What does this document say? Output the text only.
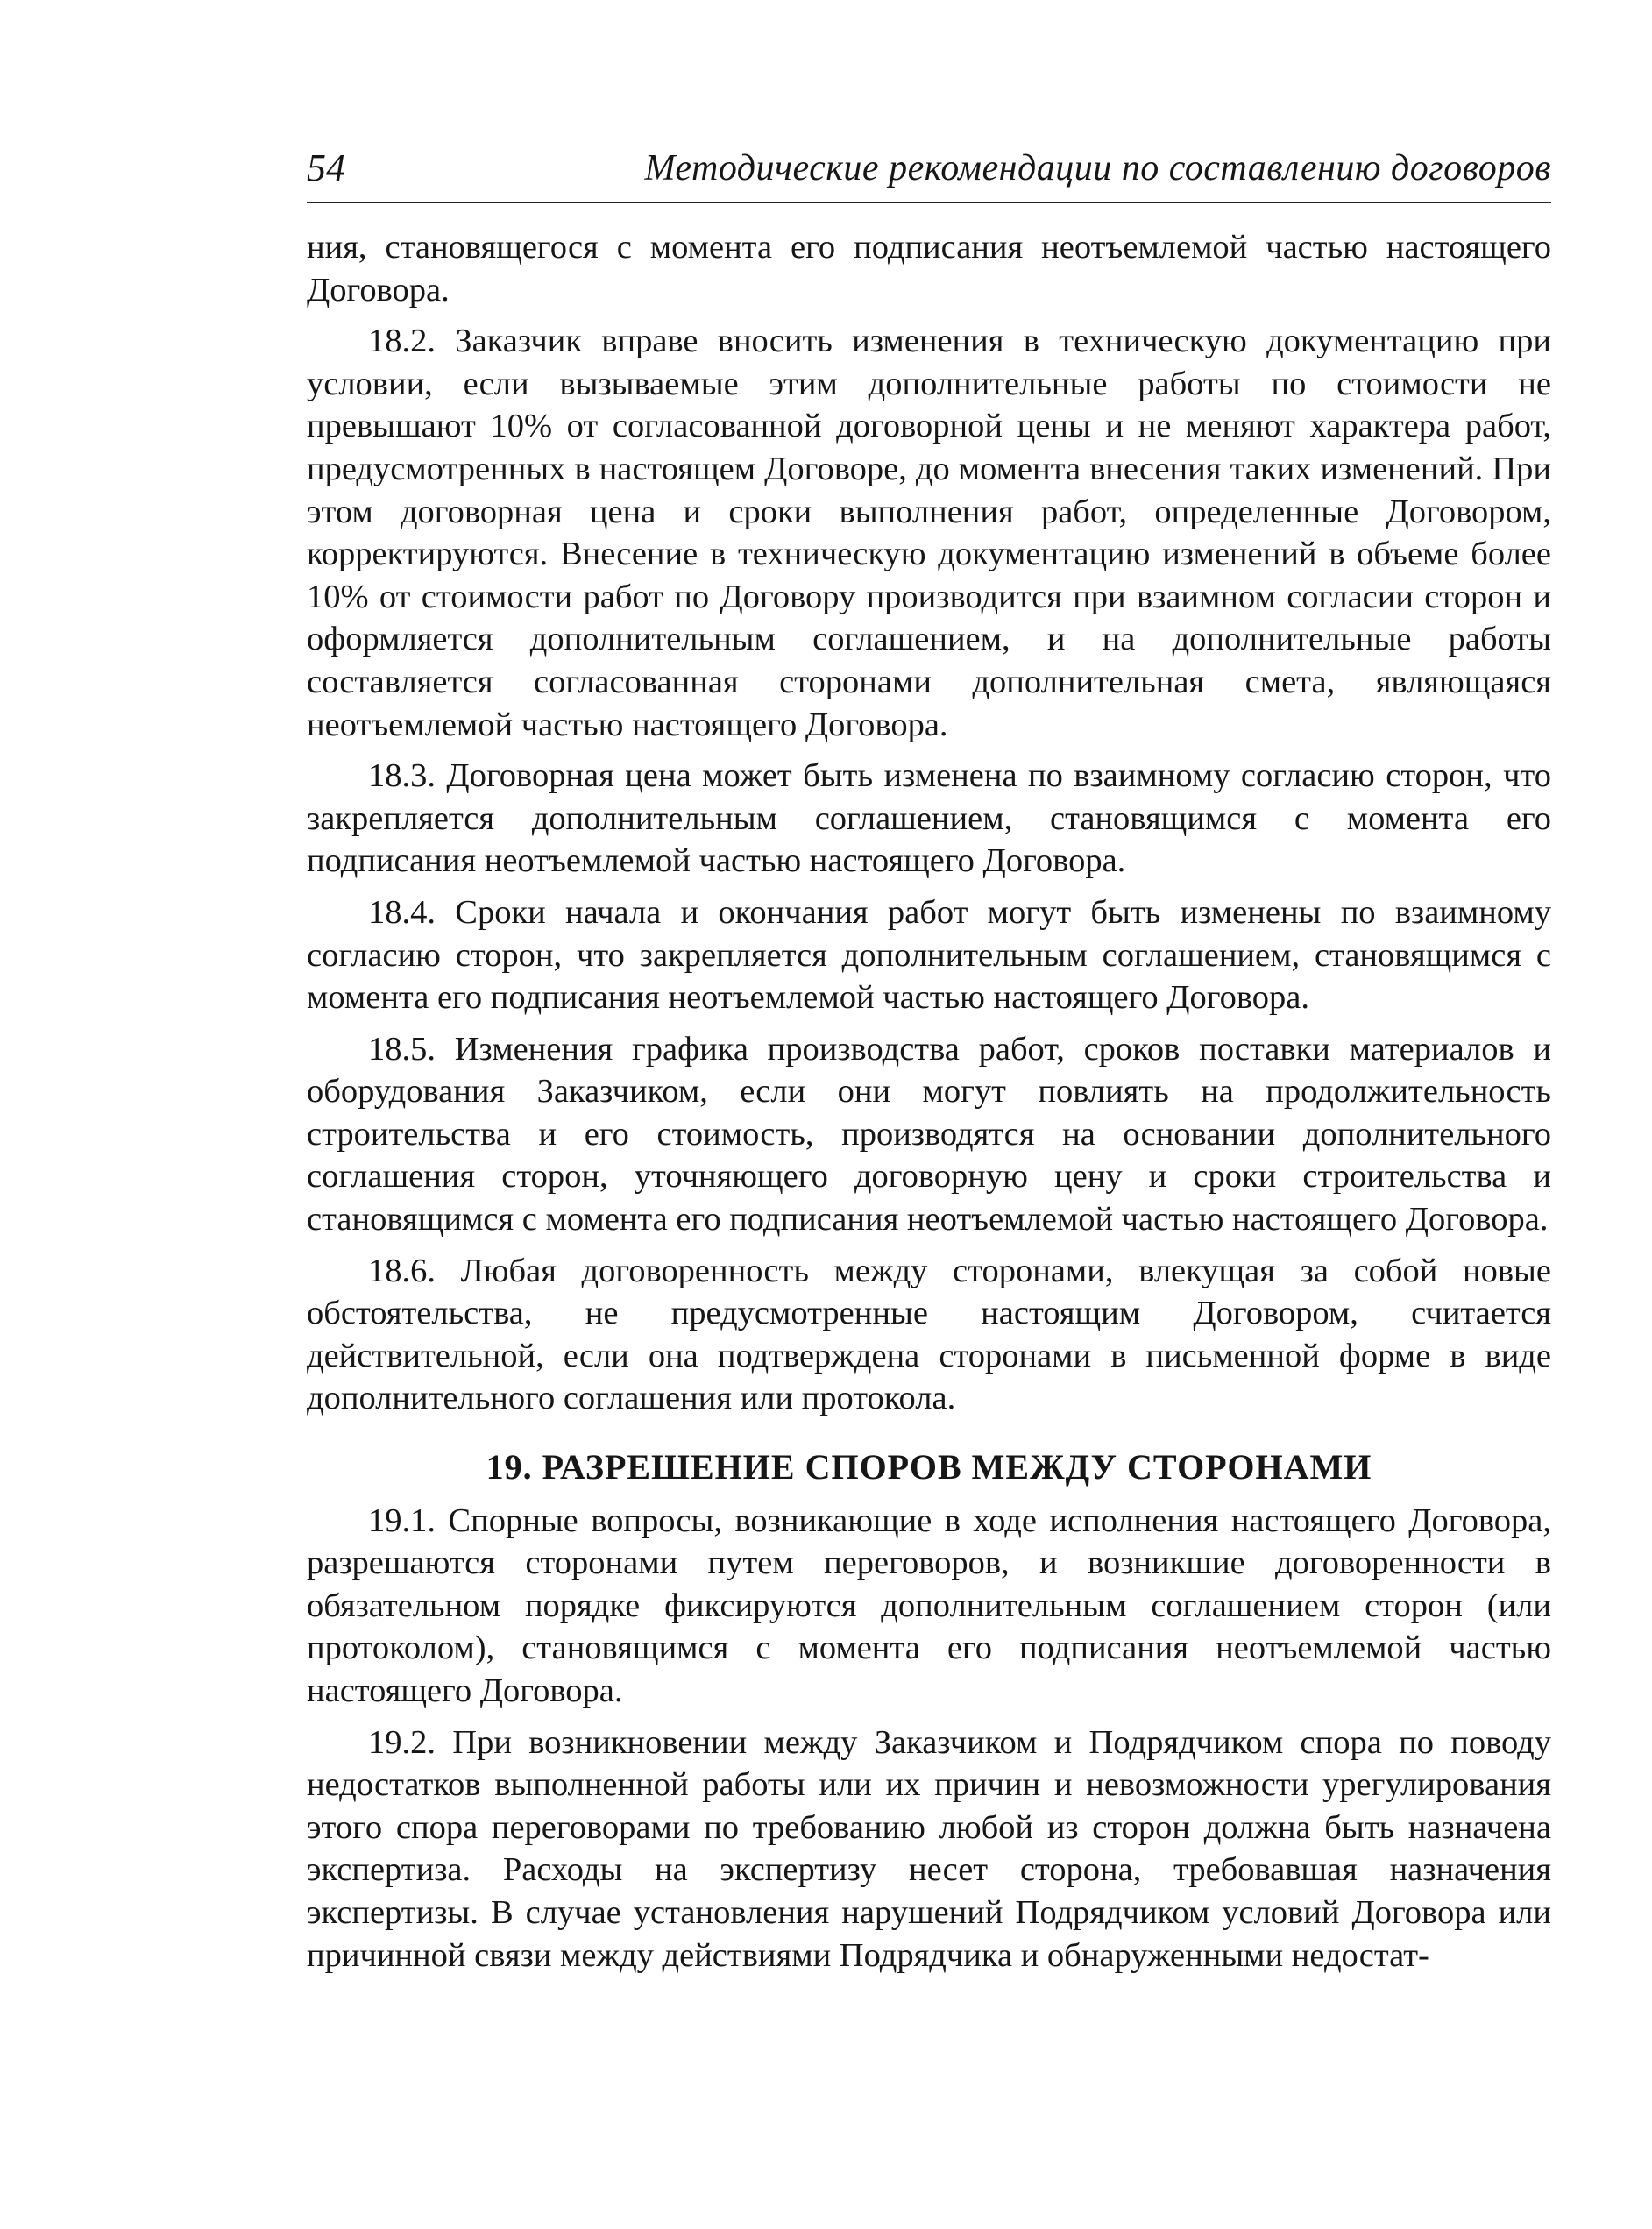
54	Методические рекомендации по составлению договоров

ния, становящегося с момента его подписания неотъемлемой частью настоящего Договора.

18.2. Заказчик вправе вносить изменения в техническую документацию при условии, если вызываемые этим дополнительные работы по стоимости не превышают 10% от согласованной договорной цены и не меняют характера работ, предусмотренных в настоящем Договоре, до момента внесения таких изменений. При этом договорная цена и сроки выполнения работ, определенные Договором, корректируются. Внесение в техническую документацию изменений в объеме более 10% от стоимости работ по Договору производится при взаимном согласии сторон и оформляется дополнительным соглашением, и на дополнительные работы составляется согласованная сторонами дополнительная смета, являющаяся неотъемлемой частью настоящего Договора.

18.3. Договорная цена может быть изменена по взаимному согласию сторон, что закрепляется дополнительным соглашением, становящимся с момента его подписания неотъемлемой частью настоящего Договора.

18.4. Сроки начала и окончания работ могут быть изменены по взаимному согласию сторон, что закрепляется дополнительным соглашением, становящимся с момента его подписания неотъемлемой частью настоящего Договора.

18.5. Изменения графика производства работ, сроков поставки материалов и оборудования Заказчиком, если они могут повлиять на продолжительность строительства и его стоимость, производятся на основании дополнительного соглашения сторон, уточняющего договорную цену и сроки строительства и становящимся с момента его подписания неотъемлемой частью настоящего Договора.

18.6. Любая договоренность между сторонами, влекущая за собой новые обстоятельства, не предусмотренные настоящим Договором, считается действительной, если она подтверждена сторонами в письменной форме в виде дополнительного соглашения или протокола.

19. РАЗРЕШЕНИЕ СПОРОВ МЕЖДУ СТОРОНАМИ

19.1. Спорные вопросы, возникающие в ходе исполнения настоящего Договора, разрешаются сторонами путем переговоров, и возникшие договоренности в обязательном порядке фиксируются дополнительным соглашением сторон (или протоколом), становящимся с момента его подписания неотъемлемой частью настоящего Договора.

19.2. При возникновении между Заказчиком и Подрядчиком спора по поводу недостатков выполненной работы или их причин и невозможности урегулирования этого спора переговорами по требованию любой из сторон должна быть назначена экспертиза. Расходы на экспертизу несет сторона, требовавшая назначения экспертизы. В случае установления нарушений Подрядчиком условий Договора или причинной связи между действиями Подрядчика и обнаруженными недостат-
